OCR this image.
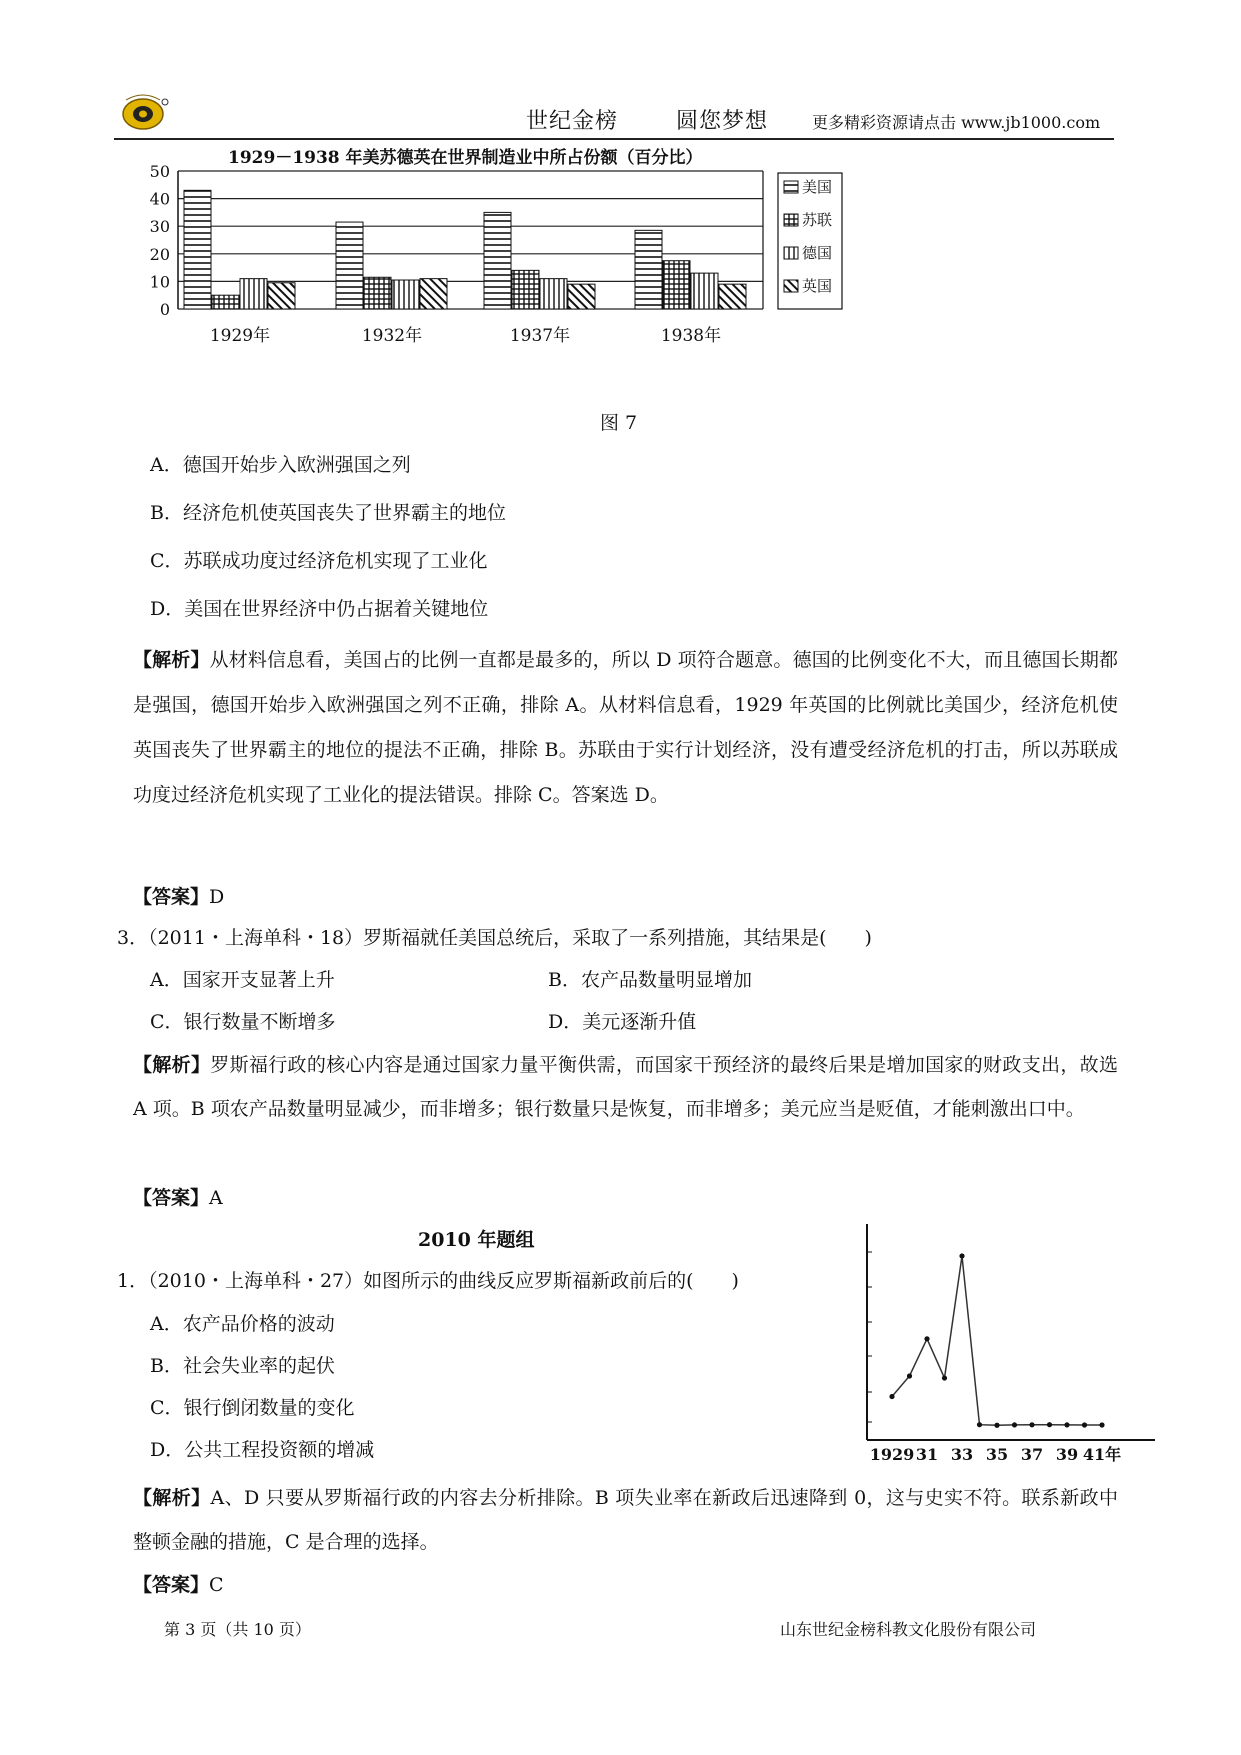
世纪金榜	圆您梦想	更多精彩资源请点击 www.jb1000.com
1929－1938 年美苏德英在世界制造业中所占份额（百分比）
0
10
20
30
40
50
1929年	1932年	1937年	1938年
美国
苏联
德国
英国
图 7
A．德国开始步入欧洲强国之列
B．经济危机使英国丧失了世界霸主的地位
C．苏联成功度过经济危机实现了工业化
D．美国在世界经济中仍占据着关键地位
【解析】从材料信息看，美国占的比例一直都是最多的，所以 D 项符合题意。德国的比例变化不大，而且德国长期都是强国，德国开始步入欧洲强国之列不正确，排除 A。从材料信息看，1929 年英国的比例就比美国少，经济危机使英国丧失了世界霸主的地位的提法不正确，排除 B。苏联由于实行计划经济，没有遭受经济危机的打击，所以苏联成功度过经济危机实现了工业化的提法错误。排除 C。答案选 D。
【答案】D
3．（2011・上海单科・18）罗斯福就任美国总统后，采取了一系列措施，其结果是(　　)
A．国家开支显著上升	B．农产品数量明显增加
C．银行数量不断增多	D．美元逐渐升值
【解析】罗斯福行政的核心内容是通过国家力量平衡供需，而国家干预经济的最终后果是增加国家的财政支出，故选 A 项。B 项农产品数量明显减少，而非增多；银行数量只是恢复，而非增多；美元应当是贬值，才能刺激出口中。
【答案】A
2010 年题组
1．（2010・上海单科・27）如图所示的曲线反应罗斯福新政前后的(　　)
A．农产品价格的波动
B．社会失业率的起伏
C．银行倒闭数量的变化
D．公共工程投资额的增减	1929 31 33 35 37 39 41年
【解析】A、D 只要从罗斯福行政的内容去分析排除。B 项失业率在新政后迅速降到 0，这与史实不符。联系新政中整顿金融的措施，C 是合理的选择。
【答案】C
第 3 页（共 10 页）	山东世纪金榜科教文化股份有限公司
